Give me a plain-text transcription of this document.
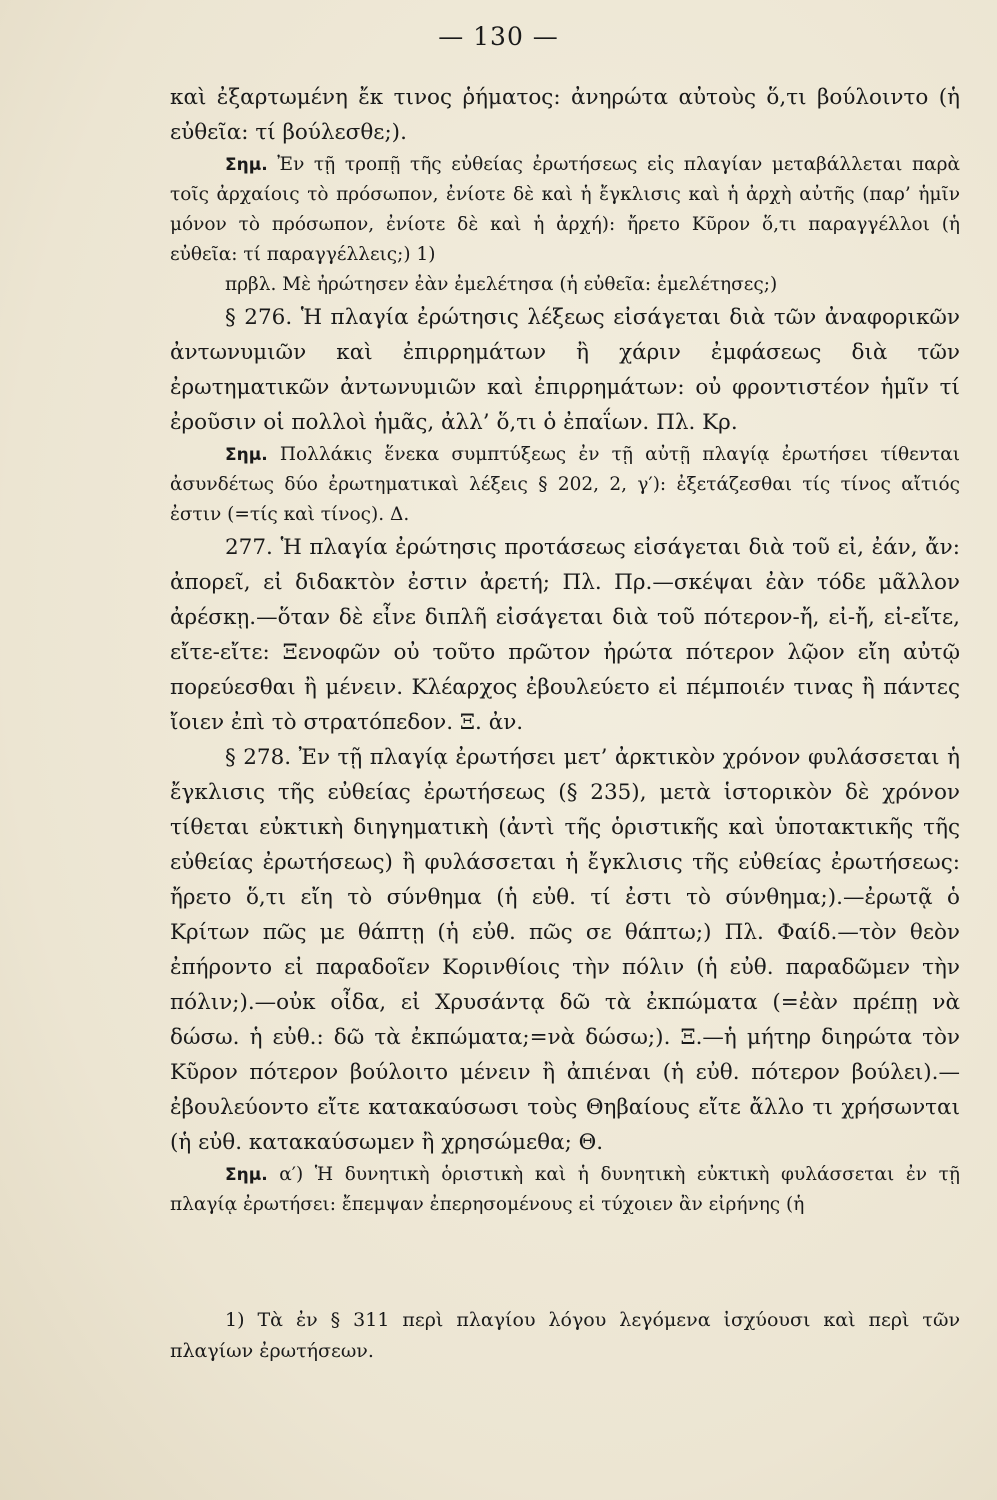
— 130 —

καὶ ἐξαρτωμένη ἔκ τινος ῥήματος: ἀνηρώτα αὐτοὺς ὅ,τι βούλοιντο (ἡ εὐθεῖα: τί βούλεσθε;).

Σημ. Ἐν τῇ τροπῇ τῆς εὐθείας ἐρωτήσεως εἰς πλαγίαν μεταβάλλεται παρὰ τοῖς ἀρχαίοις τὸ πρόσωπον, ἐνίοτε δὲ καὶ ἡ ἔγκλισις καὶ ἡ ἀρχὴ αὐτῆς (παρ’ ἡμῖν μόνον τὸ πρόσωπον, ἐνίοτε δὲ καὶ ἡ ἀρχή): ἤρετο Κῦρον ὅ,τι παραγγέλλοι (ἡ εὐθεῖα: τί παραγγέλλεις;) 1)

πρβλ. Μὲ ἠρώτησεν ἐὰν ἐμελέτησα (ἡ εὐθεῖα: ἐμελέτησες;)

§ 276. Ἡ πλαγία ἐρώτησις λέξεως εἰσάγεται διὰ τῶν ἀναφορικῶν ἀντωνυμιῶν καὶ ἐπιρρημάτων ἢ χάριν ἐμφάσεως διὰ τῶν ἐρωτηματικῶν ἀντωνυμιῶν καὶ ἐπιρρημάτων: οὐ φροντιστέον ἡμῖν τί ἐροῦσιν οἱ πολλοὶ ἡμᾶς, ἀλλ’ ὅ,τι ὁ ἐπαΐων. Πλ. Κρ.

Σημ. Πολλάκις ἕνεκα συμπτύξεως ἐν τῇ αὐτῇ πλαγίᾳ ἐρωτήσει τίθενται ἀσυνδέτως δύο ἐρωτηματικαὶ λέξεις § 202, 2, γ′): ἐξετάζεσθαι τίς τίνος αἴτιός ἐστιν (=τίς καὶ τίνος). Δ.

277. Ἡ πλαγία ἐρώτησις προτάσεως εἰσάγεται διὰ τοῦ εἰ, ἐάν, ἄν: ἀπορεῖ, εἰ διδακτὸν ἐστιν ἀρετή; Πλ. Πρ.—σκέψαι ἐὰν τόδε μᾶλλον ἀρέσκῃ.—ὅταν δὲ εἶνε διπλῆ εἰσάγεται διὰ τοῦ πότερον-ἤ, εἰ-ἤ, εἰ-εἴτε, εἴτε-εἴτε: Ξενοφῶν οὐ τοῦτο πρῶτον ἠρώτα πότερον λῷον εἴη αὐτῷ πορεύεσθαι ἢ μένειν. Κλέαρχος ἐβουλεύετο εἰ πέμποιέν τινας ἢ πάντες ἴοιεν ἐπὶ τὸ στρατόπεδον. Ξ. ἀν.

§ 278. Ἐν τῇ πλαγίᾳ ἐρωτήσει μετ’ ἀρκτικὸν χρόνον φυλάσσεται ἡ ἔγκλισις τῆς εὐθείας ἐρωτήσεως (§ 235), μετὰ ἱστορικὸν δὲ χρόνον τίθεται εὐκτικὴ διηγηματικὴ (ἀντὶ τῆς ὁριστικῆς καὶ ὑποτακτικῆς τῆς εὐθείας ἐρωτήσεως) ἢ φυλάσσεται ἡ ἔγκλισις τῆς εὐθείας ἐρωτήσεως: ἤρετο ὅ,τι εἴη τὸ σύνθημα (ἡ εὐθ. τί ἐστι τὸ σύνθημα;).—ἐρωτᾷ ὁ Κρίτων πῶς με θάπτῃ (ἡ εὐθ. πῶς σε θάπτω;) Πλ. Φαίδ.—τὸν θεὸν ἐπήροντο εἰ παραδοῖεν Κορινθίοις τὴν πόλιν (ἡ εὐθ. παραδῶμεν τὴν πόλιν;).—οὐκ οἶδα, εἰ Χρυσάντᾳ δῶ τὰ ἐκπώματα (=ἐὰν πρέπῃ νὰ δώσω. ἡ εὐθ.: δῶ τὰ ἐκπώματα;=νὰ δώσω;). Ξ.—ἡ μήτηρ διηρώτα τὸν Κῦρον πότερον βούλοιτο μένειν ἢ ἀπιέναι (ἡ εὐθ. πότερον βούλει).—ἐβουλεύοντο εἴτε κατακαύσωσι τοὺς Θηβαίους εἴτε ἄλλο τι χρήσωνται (ἡ εὐθ. κατακαύσωμεν ἢ χρησώμεθα; Θ.

Σημ. α′) Ἡ δυνητικὴ ὁριστικὴ καὶ ἡ δυνητικὴ εὐκτικὴ φυλάσσεται ἐν τῇ πλαγίᾳ ἐρωτήσει: ἔπεμψαν ἐπερησομένους εἰ τύχοιεν ἂν εἰρήνης (ἡ

1) Τὰ ἐν § 311 περὶ πλαγίου λόγου λεγόμενα ἰσχύουσι καὶ περὶ τῶν πλαγίων ἐρωτήσεων.
